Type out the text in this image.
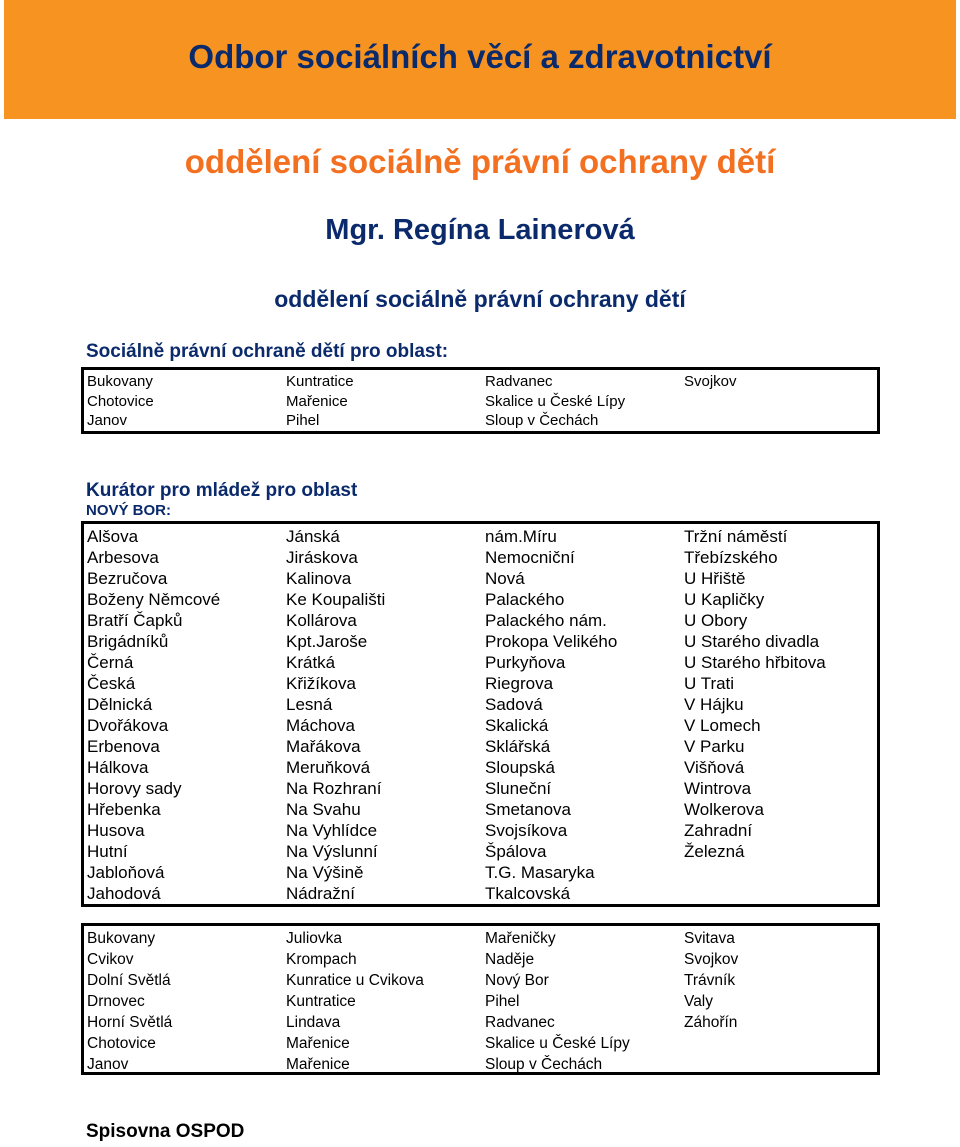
Odbor sociálních věcí a zdravotnictví
oddělení sociálně právní ochrany dětí
Mgr. Regína Lainerová
oddělení sociálně právní ochrany dětí
Sociálně právní ochraně dětí pro oblast:
Bukovany	Kuntratice	Radvanec	Svojkov
Chotovice	Mařenice	Skalice u České Lípy
Janov	Pihel	Sloup v Čechách
Kurátor pro mládež pro oblast
NOVÝ BOR:
Alšova	Jánská	nám.Míru	Tržní náměstí
Arbesova	Jiráskova	Nemocniční	Třebízského
Bezručova	Kalinova	Nová	U Hřiště
Boženy Němcové	Ke Koupališti	Palackého	U Kapličky
Bratří Čapků	Kollárova	Palackého nám.	U Obory
Brigádníků	Kpt.Jaroše	Prokopa Velikého	U Starého divadla
Černá	Krátká	Purkyňova	U Starého hřbitova
Česká	Křižíkova	Riegrova	U Trati
Dělnická	Lesná	Sadová	V Hájku
Dvořákova	Máchova	Skalická	V Lomech
Erbenova	Mařákova	Sklářská	V Parku
Hálkova	Meruňková	Sloupská	Višňová
Horovy sady	Na Rozhraní	Sluneční	Wintrova
Hřebenka	Na Svahu	Smetanova	Wolkerova
Husova	Na Vyhlídce	Svojsíkova	Zahradní
Hutní	Na Výslunní	Špálova	Železná
Jabloňová	Na Výšině	T.G. Masaryka
Jahodová	Nádražní	Tkalcovská
Bukovany	Juliovka	Mařeničky	Svitava
Cvikov	Krompach	Naděje	Svojkov
Dolní Světlá	Kunratice u Cvikova	Nový Bor	Trávník
Drnovec	Kuntratice	Pihel	Valy
Horní Světlá	Lindava	Radvanec	Záhořín
Chotovice	Mařenice	Skalice u České Lípy
Janov	Mařenice	Sloup v Čechách
Spisovna OSPOD
